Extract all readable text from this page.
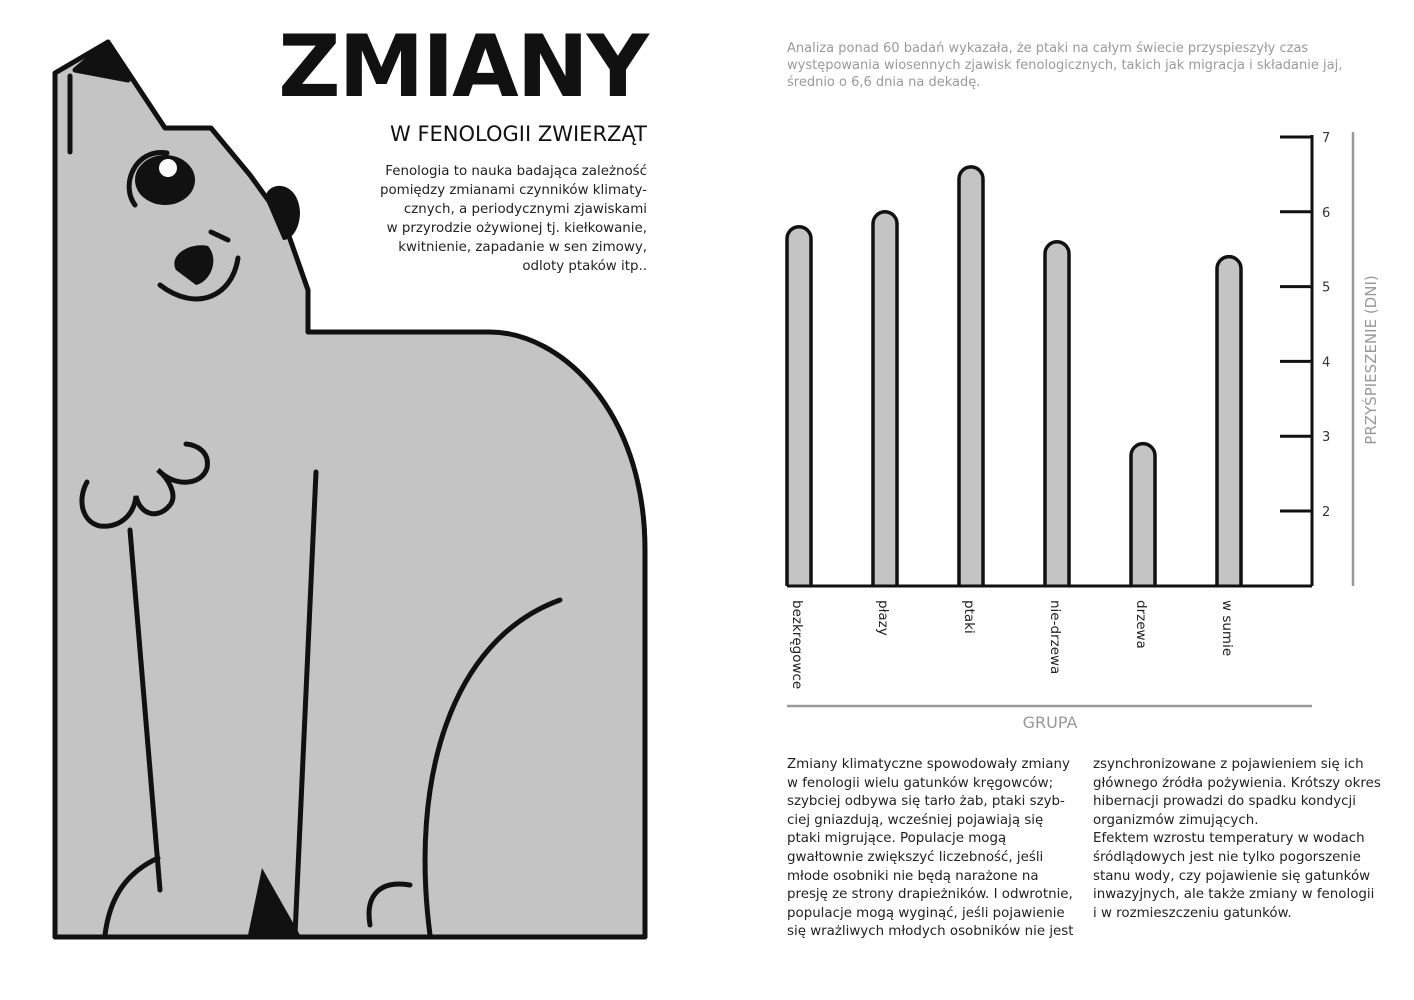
ZMIANY
W FENOLOGII ZWIERZĄT
Fenologia to nauka badająca zależność
pomiędzy zmianami czynników klimaty-
cznych, a periodycznymi zjawiskami
w przyrodzie ożywionej tj. kiełkowanie,
kwitnienie, zapadanie w sen zimowy,
odloty ptaków itp..
Analiza ponad 60 badań wykazała, że ptaki na całym świecie przyspieszyły czas
występowania wiosennych zjawisk fenologicznych, takich jak migracja i składanie jaj,
średnio o 6,6 dnia na dekadę.
2
3
4
5
6
7
bezkręgowce	płazy	ptaki	nie-drzewa	drzewa	w sumie
GRUPA
PRZYŚPIESZENIE (DNI)
Zmiany klimatyczne spowodowały zmiany
w fenologii wielu gatunków kręgowców;
szybciej odbywa się tarło żab, ptaki szyb-
ciej gniazdują, wcześniej pojawiają się
ptaki migrujące. Populacje mogą
gwałtownie zwiększyć liczebność, jeśli
młode osobniki nie będą narażone na
presję ze strony drapieżników. I odwrotnie,
populacje mogą wyginąć, jeśli pojawienie
się wrażliwych młodych osobników nie jest
zsynchronizowane z pojawieniem się ich
głównego źródła pożywienia. Krótszy okres
hibernacji prowadzi do spadku kondycji
organizmów zimujących.
Efektem wzrostu temperatury w wodach
śródlądowych jest nie tylko pogorszenie
stanu wody, czy pojawienie się gatunków
inwazyjnych, ale także zmiany w fenologii
i w rozmieszczeniu gatunków.
